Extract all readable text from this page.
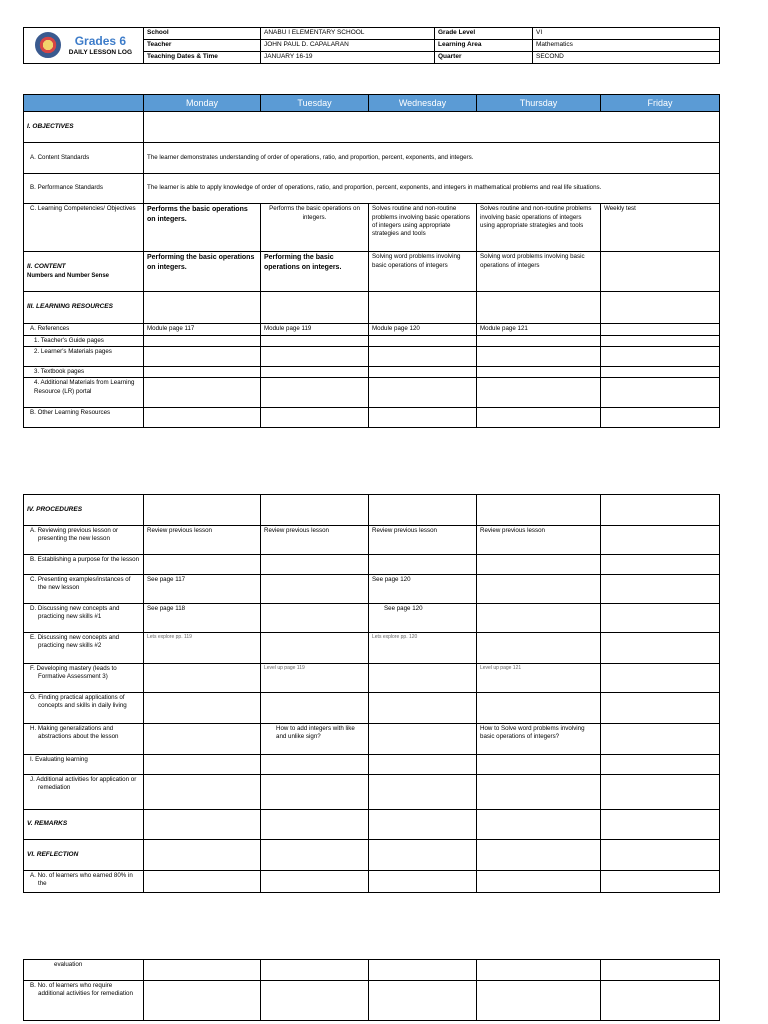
Grades 6
DAILY LESSON LOG	School	ANABU I ELEMENTARY SCHOOL	Grade Level	VI
	Teacher	JOHN PAUL D. CAPALARAN	Learning Area	Mathematics
	Teaching Dates & Time	JANUARY 16-19	Quarter	SECOND
	Monday	Tuesday	Wednesday	Thursday	Friday
I. OBJECTIVES					
A. Content Standards	The learner demonstrates understanding of order of operations, ratio, and proportion, percent, exponents, and integers.				
B. Performance Standards	The learner is able to apply knowledge of order of operations, ratio, and proportion, percent, exponents, and integers in mathematical problems and real life situations.				
C. Learning Competencies/ Objectives	Performs the basic operations on integers.	Performs the basic operations on integers.	Solves routine and non-routine problems involving basic operations of integers using appropriate strategies and tools	Solves routine and non-routine problems involving basic operations of integers using appropriate strategies and tools	Weekly test

II. CONTENT
Numbers and Number Sense	Performing the basic operations on integers.	Performing the basic operations on integers.	Solving word problems involving basic operations of integers	Solving word problems involving basic operations of integers	
III. LEARNING RESOURCES					
A. References	Module page 117	Module page 119	Module page 120	Module page 121	
1. Teacher's Guide pages					
2. Learner's Materials pages					
3. Textbook pages					
4. Additional Materials from Learning Resource (LR) portal					
B. Other Learning Resources					
IV. PROCEDURES					
A. Reviewing previous lesson or presenting the new lesson	Review previous lesson	Review previous lesson	Review previous lesson	Review previous lesson	
B. Establishing a purpose for the lesson					
C. Presenting examples/instances of the new lesson	See page 117		See page 120		
D. Discussing new concepts and practicing new skills #1	See page 118		See page 120		
E. Discussing new concepts and practicing new skills #2	Lets explore pp. 119		Lets explore pp. 120		
F. Developing mastery (leads to Formative Assessment 3)		Level up page 119		Level up page 121	
G. Finding practical applications of concepts and skills in daily living					
H. Making generalizations and abstractions about the lesson		How to add integers with like and unlike sign?		How to Solve word problems involving basic operations of integers?	
I. Evaluating learning					
J. Additional activities for application or remediation					
V. REMARKS					
VI. REFLECTION					
A. No. of learners who earned 80% in the					
evaluation					
B. No. of learners who require additional activities for remediation					
